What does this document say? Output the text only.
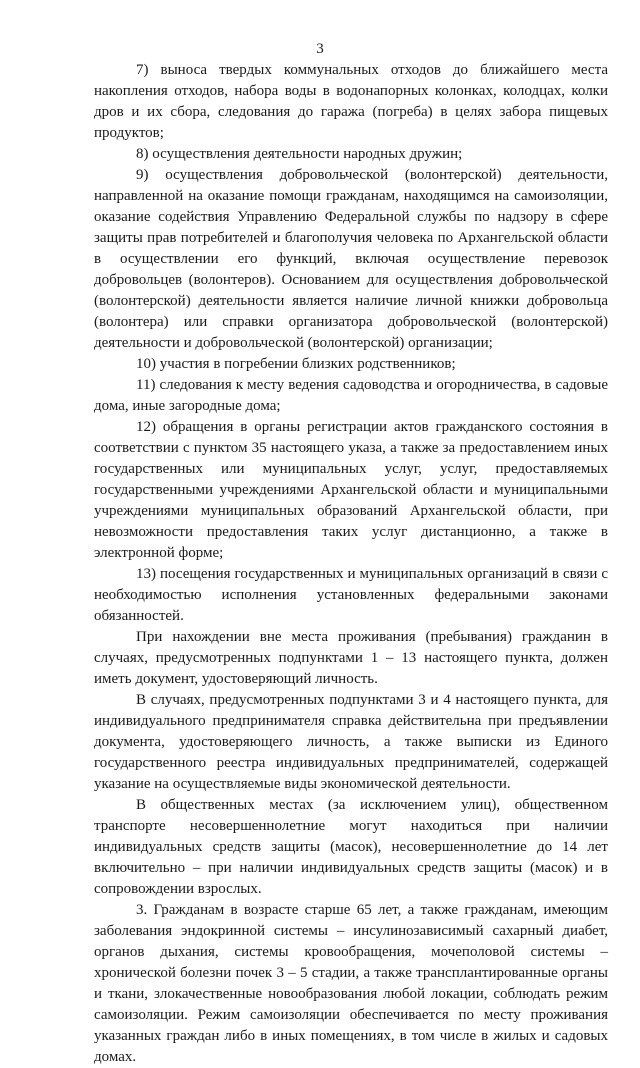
3

7) выноса твердых коммунальных отходов до ближайшего места накопления отходов, набора воды в водонапорных колонках, колодцах, колки дров и их сбора, следования до гаража (погреба) в целях забора пищевых продуктов;

8) осуществления деятельности народных дружин;

9) осуществления добровольческой (волонтерской) деятельности, направленной на оказание помощи гражданам, находящимся на самоизоляции, оказание содействия Управлению Федеральной службы по надзору в сфере защиты прав потребителей и благополучия человека по Архангельской области в осуществлении его функций, включая осуществление перевозок добровольцев (волонтеров). Основанием для осуществления добровольческой (волонтерской) деятельности является наличие личной книжки добровольца (волонтера) или справки организатора добровольческой (волонтерской) деятельности и добровольческой (волонтерской) организации;

10) участия в погребении близких родственников;

11) следования к месту ведения садоводства и огородничества, в садовые дома, иные загородные дома;

12) обращения в органы регистрации актов гражданского состояния в соответствии с пунктом 35 настоящего указа, а также за предоставлением иных государственных или муниципальных услуг, услуг, предоставляемых государственными учреждениями Архангельской области и муниципальными учреждениями муниципальных образований Архангельской области, при невозможности предоставления таких услуг дистанционно, а также в электронной форме;

13) посещения государственных и муниципальных организаций в связи с необходимостью исполнения установленных федеральными законами обязанностей.

При нахождении вне места проживания (пребывания) гражданин в случаях, предусмотренных подпунктами 1 – 13 настоящего пункта, должен иметь документ, удостоверяющий личность.

В случаях, предусмотренных подпунктами 3 и 4 настоящего пункта, для индивидуального предпринимателя справка действительна при предъявлении документа, удостоверяющего личность, а также выписки из Единого государственного реестра индивидуальных предпринимателей, содержащей указание на осуществляемые виды экономической деятельности.

В общественных местах (за исключением улиц), общественном транспорте несовершеннолетние могут находиться при наличии индивидуальных средств защиты (масок), несовершеннолетние до 14 лет включительно – при наличии индивидуальных средств защиты (масок) и в сопровождении взрослых.

3. Гражданам в возрасте старше 65 лет, а также гражданам, имеющим заболевания эндокринной системы – инсулинозависимый сахарный диабет, органов дыхания, системы кровообращения, мочеполовой системы – хронической болезни почек 3 – 5 стадии, а также трансплантированные органы и ткани, злокачественные новообразования любой локации, соблюдать режим самоизоляции. Режим самоизоляции обеспечивается по месту проживания указанных граждан либо в иных помещениях, в том числе в жилых и садовых домах.
